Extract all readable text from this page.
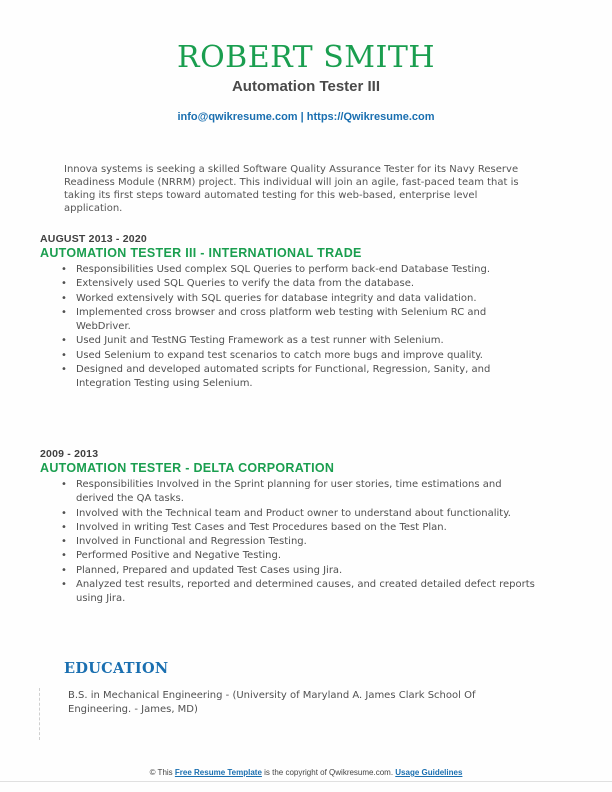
ROBERT SMITH
Automation Tester III
info@qwikresume.com | https://Qwikresume.com
Innova systems is seeking a skilled Software Quality Assurance Tester for its Navy Reserve Readiness Module (NRRM) project. This individual will join an agile, fast-paced team that is taking its first steps toward automated testing for this web-based, enterprise level application.
AUGUST 2013 - 2020
AUTOMATION TESTER III - INTERNATIONAL TRADE
• Responsibilities Used complex SQL Queries to perform back-end Database Testing.
• Extensively used SQL Queries to verify the data from the database.
• Worked extensively with SQL queries for database integrity and data validation.
• Implemented cross browser and cross platform web testing with Selenium RC and WebDriver.
• Used Junit and TestNG Testing Framework as a test runner with Selenium.
• Used Selenium to expand test scenarios to catch more bugs and improve quality.
• Designed and developed automated scripts for Functional, Regression, Sanity, and Integration Testing using Selenium.
2009 - 2013
AUTOMATION TESTER - DELTA CORPORATION
• Responsibilities Involved in the Sprint planning for user stories, time estimations and derived the QA tasks.
• Involved with the Technical team and Product owner to understand about functionality.
• Involved in writing Test Cases and Test Procedures based on the Test Plan.
• Involved in Functional and Regression Testing.
• Performed Positive and Negative Testing.
• Planned, Prepared and updated Test Cases using Jira.
• Analyzed test results, reported and determined causes, and created detailed defect reports using Jira.
EDUCATION
B.S. in Mechanical Engineering - (University of Maryland A. James Clark School Of Engineering. - James, MD)
© This Free Resume Template is the copyright of Qwikresume.com. Usage Guidelines
